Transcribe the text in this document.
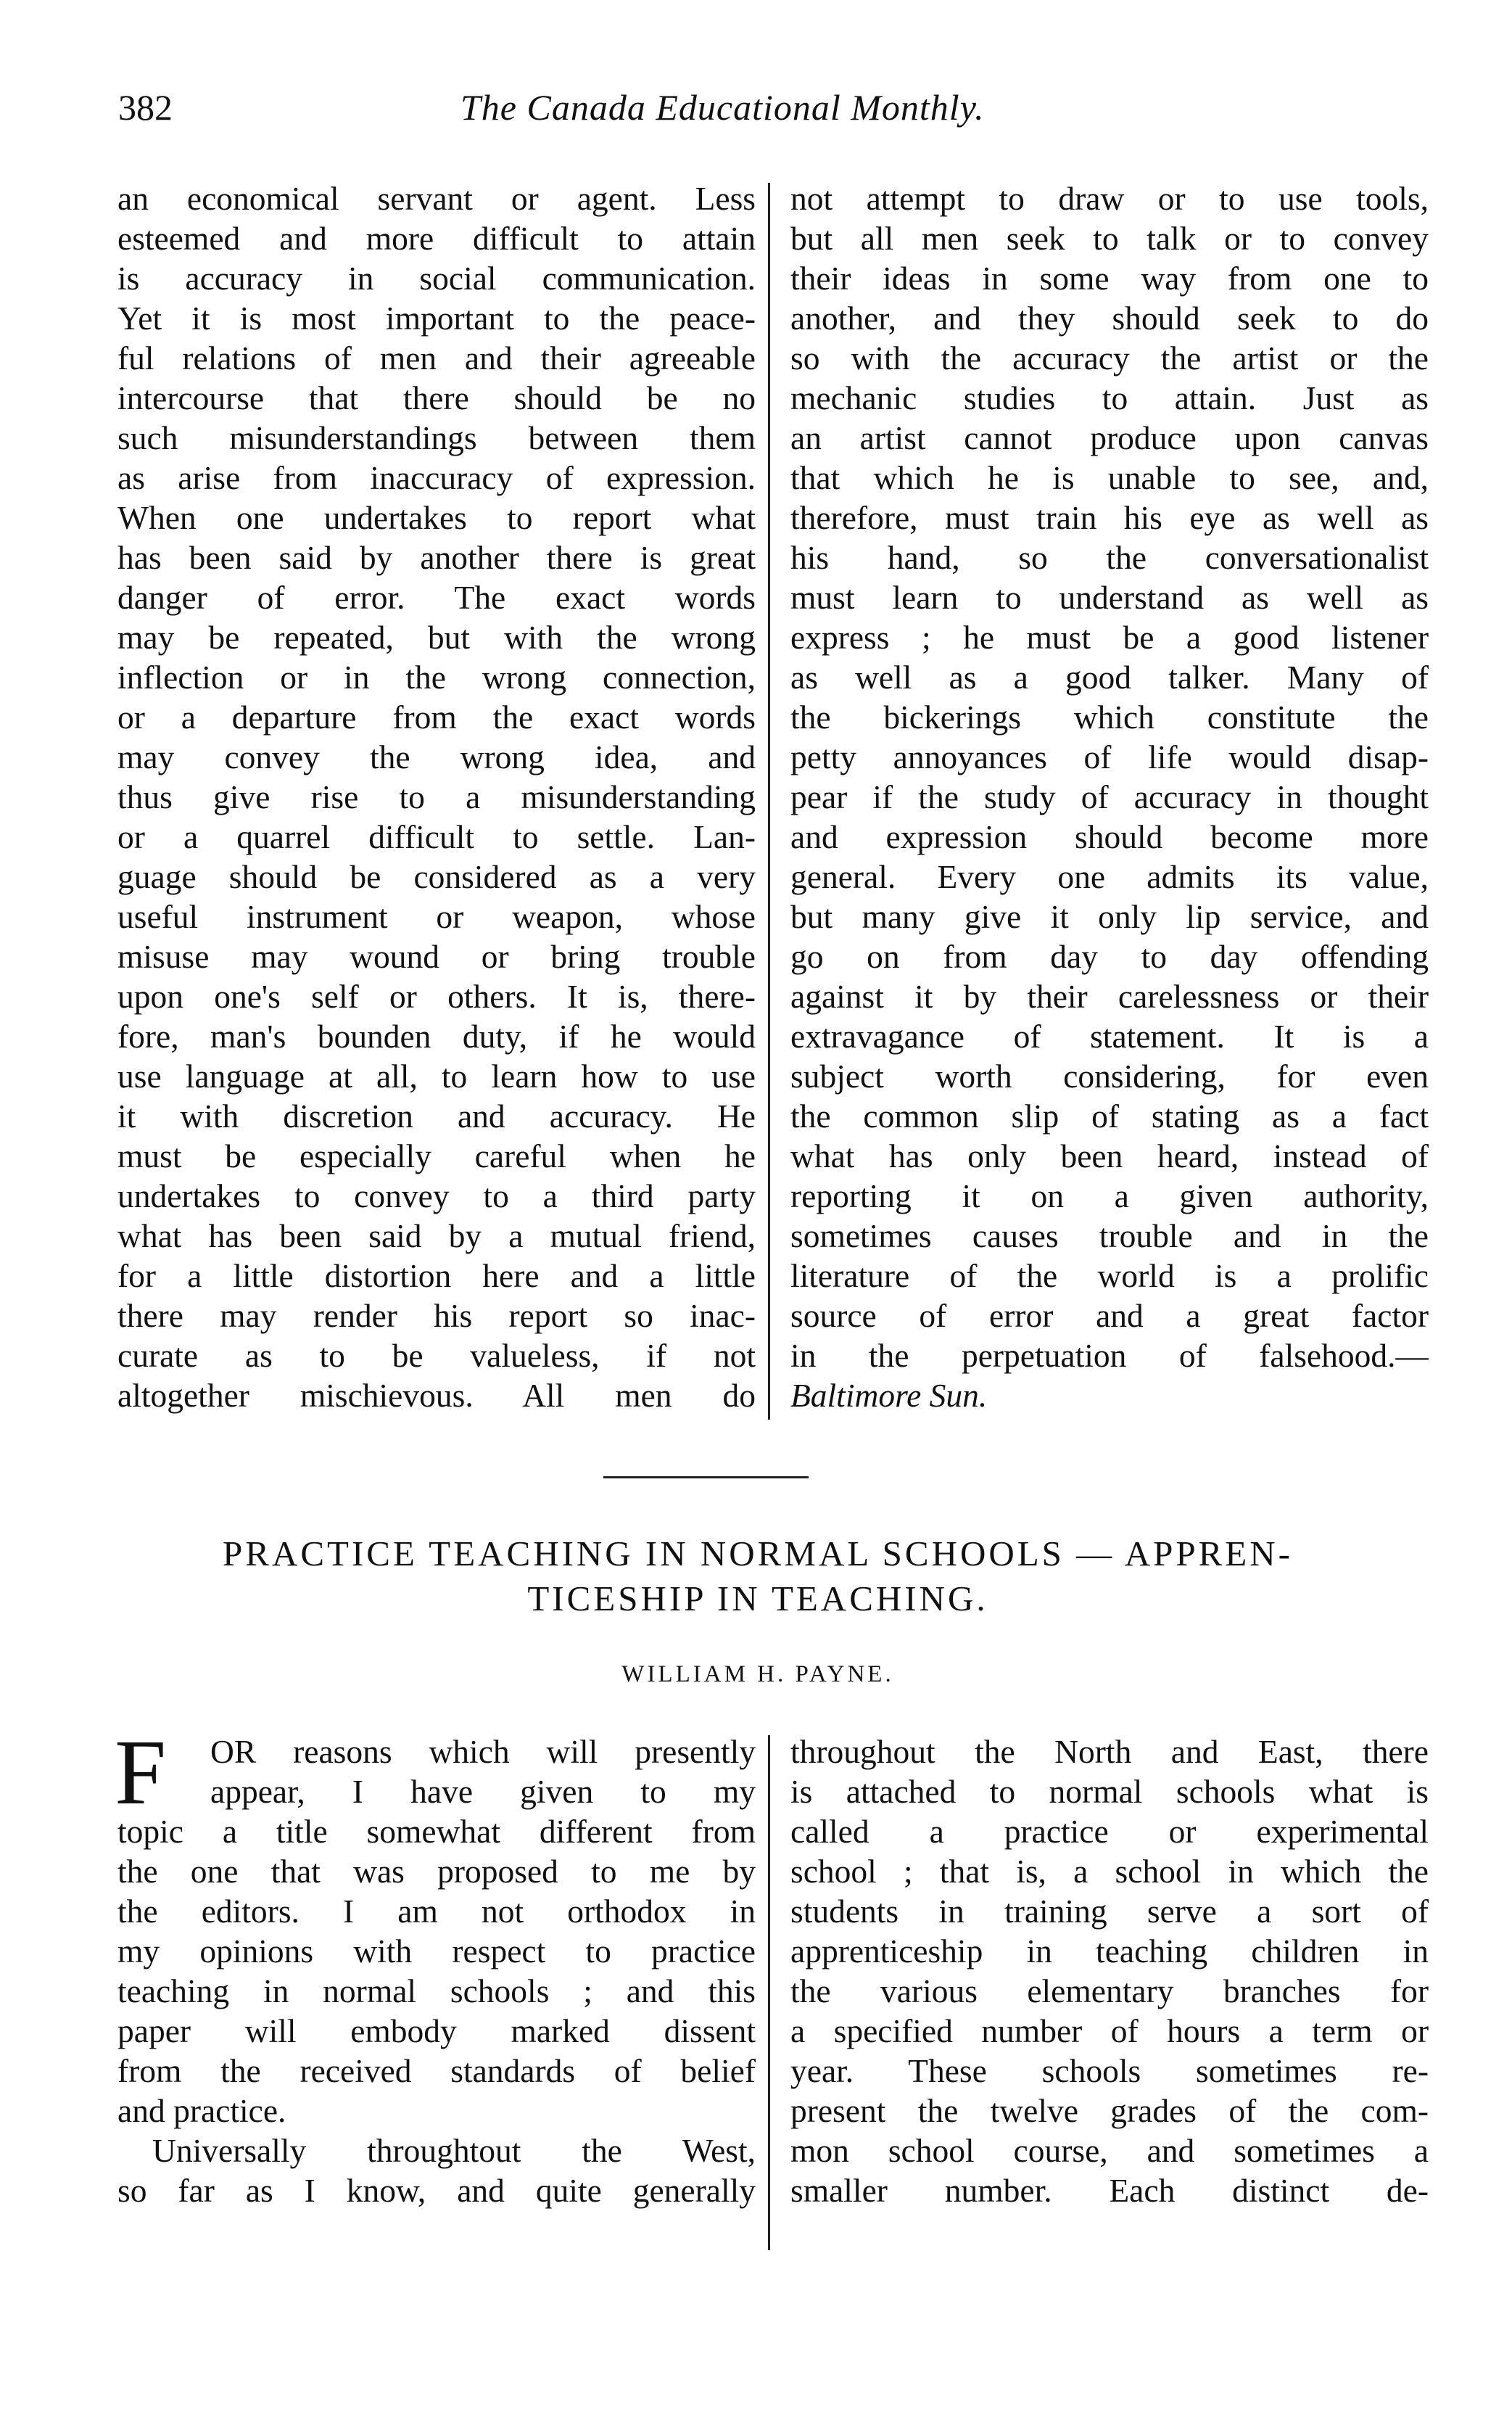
382	The Canada Educational Monthly.
an economical servant or agent. Less
esteemed and more difficult to attain
is accuracy in social communication.
Yet it is most important to the peace-
ful relations of men and their agreeable
intercourse that there should be no
such misunderstandings between them
as arise from inaccuracy of expression.
When one undertakes to report what
has been said by another there is great
danger of error. The exact words
may be repeated, but with the wrong
inflection or in the wrong connection,
or a departure from the exact words
may convey the wrong idea, and
thus give rise to a misunderstanding
or a quarrel difficult to settle. Lan-
guage should be considered as a very
useful instrument or weapon, whose
misuse may wound or bring trouble
upon one's self or others. It is, there-
fore, man's bounden duty, if he would
use language at all, to learn how to use
it with discretion and accuracy. He
must be especially careful when he
undertakes to convey to a third party
what has been said by a mutual friend,
for a little distortion here and a little
there may render his report so inac-
curate as to be valueless, if not
altogether mischievous. All men do
not attempt to draw or to use tools,
but all men seek to talk or to convey
their ideas in some way from one to
another, and they should seek to do
so with the accuracy the artist or the
mechanic studies to attain. Just as
an artist cannot produce upon canvas
that which he is unable to see, and,
therefore, must train his eye as well as
his hand, so the conversationalist
must learn to understand as well as
express ; he must be a good listener
as well as a good talker. Many of
the bickerings which constitute the
petty annoyances of life would disap-
pear if the study of accuracy in thought
and expression should become more
general. Every one admits its value,
but many give it only lip service, and
go on from day to day offending
against it by their carelessness or their
extravagance of statement. It is a
subject worth considering, for even
the common slip of stating as a fact
what has only been heard, instead of
reporting it on a given authority,
sometimes causes trouble and in the
literature of the world is a prolific
source of error and a great factor
in the perpetuation of falsehood.—
Baltimore Sun.
PRACTICE TEACHING IN NORMAL SCHOOLS — APPREN-
TICESHIP IN TEACHING.
WILLIAM H. PAYNE.
F	OR reasons which will presently
appear, I have given to my
topic a title somewhat different from
the one that was proposed to me by
the editors. I am not orthodox in
my opinions with respect to practice
teaching in normal schools ; and this
paper will embody marked dissent
from the received standards of belief
and practice.
Universally throughtout the West,
so far as I know, and quite generally
throughout the North and East, there
is attached to normal schools what is
called a practice or experimental
school ; that is, a school in which the
students in training serve a sort of
apprenticeship in teaching children in
the various elementary branches for
a specified number of hours a term or
year. These schools sometimes re-
present the twelve grades of the com-
mon school course, and sometimes a
smaller number. Each distinct de-
